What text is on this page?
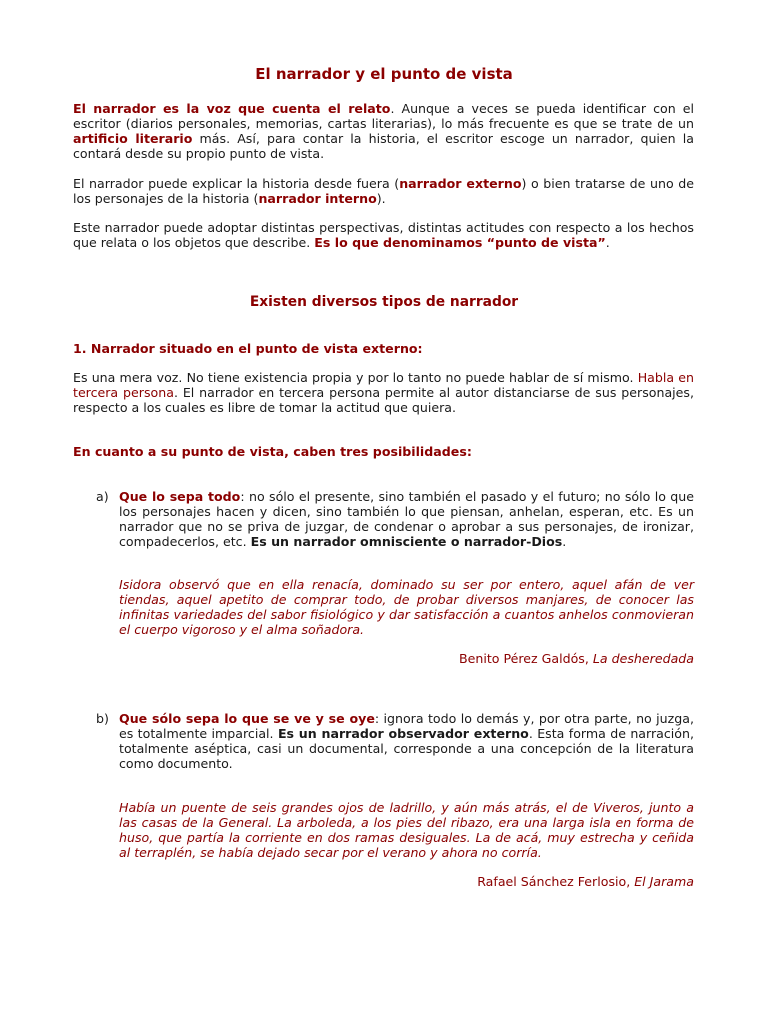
El narrador y el punto de vista

El narrador es la voz que cuenta el relato. Aunque a veces se pueda identificar con el escritor (diarios personales, memorias, cartas literarias), lo más frecuente es que se trate de un artificio literario más. Así, para contar la historia, el escritor escoge un narrador, quien la contará desde su propio punto de vista.

El narrador puede explicar la historia desde fuera (narrador externo) o bien tratarse de uno de los personajes de la historia (narrador interno).

Este narrador puede adoptar distintas perspectivas, distintas actitudes con respecto a los hechos que relata o los objetos que describe. Es lo que denominamos “punto de vista”.

Existen diversos tipos de narrador
1. Narrador situado en el punto de vista externo:

Es una mera voz. No tiene existencia propia y por lo tanto no puede hablar de sí mismo. Habla en tercera persona. El narrador en tercera persona permite al autor distanciarse de sus personajes, respecto a los cuales es libre de tomar la actitud que quiera.

En cuanto a su punto de vista, caben tres posibilidades:
a) Que lo sepa todo: no sólo el presente, sino también el pasado y el futuro; no sólo lo que los personajes hacen y dicen, sino también lo que piensan, anhelan, esperan, etc. Es un narrador que no se priva de juzgar, de condenar o aprobar a sus personajes, de ironizar, compadecerlos, etc. Es un narrador omnisciente o narrador-Dios.

Isidora observó que en ella renacía, dominado su ser por entero, aquel afán de ver tiendas, aquel apetito de comprar todo, de probar diversos manjares, de conocer las infinitas variedades del sabor fisiológico y dar satisfacción a cuantos anhelos conmovieran el cuerpo vigoroso y el alma soñadora.

Benito Pérez Galdós, La desheredada
b) Que sólo sepa lo que se ve y se oye: ignora todo lo demás y, por otra parte, no juzga, es totalmente imparcial. Es un narrador observador externo. Esta forma de narración, totalmente aséptica, casi un documental, corresponde a una concepción de la literatura como documento.

Había un puente de seis grandes ojos de ladrillo, y aún más atrás, el de Viveros, junto a las casas de la General. La arboleda, a los pies del ribazo, era una larga isla en forma de huso, que partía la corriente en dos ramas desiguales. La de acá, muy estrecha y ceñida al terraplén, se había dejado secar por el verano y ahora no corría.

Rafael Sánchez Ferlosio, El Jarama
